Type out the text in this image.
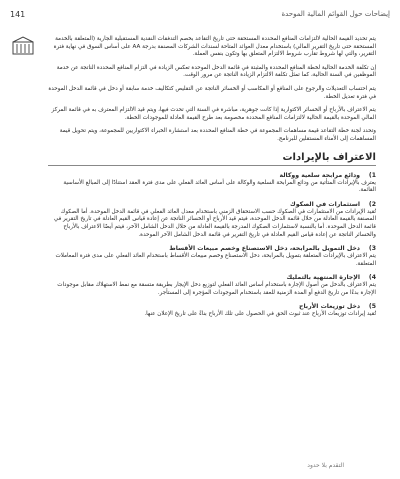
141	إيضاحات حول القوائم المالية الموحدة

يتم تحديد القيمة الحالية لالتزامات المنافع المحددة المستحقة حتى تاريخ التقاعد بخصم التدفقات النقدية المستقبلية الجارية (المتعلقة بالخدمة المستحقة حتى تاريخ التقرير المالي) باستخدام معدل العوائد المتاحة لسندات الشركات المصنفة بدرجة AA على أساس السوق في نهاية فترة التقرير، والتي لها شروط تقارب شروط الالتزام المتعلق بها وتكون بنفس العملة.

إن تكلفة الخدمة الحالية لخطة المنافع المحددة والمثبتة في قائمة الدخل الموحدة تعكس الزيادة في التزام المنافع المحددة الناتجة عن خدمة الموظفين في السنة الحالية، كما تمثل تكلفة الالتزام الزيادة الناتجة عن مرور الوقت.

يتم احتساب التعديلات والرجوع على المنافع أو المكاسب أو الخسائر الناتجة عن التقليص كتكاليف خدمة سابقة أو دخل في قائمة الدخل الموحدة في فترة تعديل الخطة.

يتم الاعتراف بالأرباح أو الخسائر الاكتوارية إذا كانت جوهرية، مباشرة في السنة التي تحدث فيها، ويتم قيد الالتزام المعترف به في قائمة المركز المالي الموحدة بالقيمة الحالية لالتزامات المنافع المحددة مخصومة بعد طرح القيمة العادلة للموجودات الخطة.

وتحدد لجنة خطة التقاعد قيمة مساهمات المجموعة في خطة المنافع المحددة بعد استشارة الخبراء الاكتواريين للمجموعة، ويتم تحويل قيمة المساهمات إلى الأمناء المستقلين للبرنامج.

الاعتراف بالإيرادات
1)
ودائع مرابحة سلعية ووكالة

يعترف بالإيرادات المتأتية من ودائع المرابحة السلعية والوكالة على أساس العائد الفعلي على مدى فترة العقد استنادًا إلى المبالغ الأساسية القائمة.

2)
استثمارات في الصكوك

تُقيد الإيرادات من الاستثمارات في الصكوك حسب الاستحقاق الزمني باستخدام معدل العائد الفعلي في قائمة الدخل الموحدة. أما الصكوك المصنفة بالقيمة العادلة من خلال قائمة الدخل الموحدة، فيتم قيد الأرباح أو الخسائر الناتجة عن إعادة قياس القيم العادلة في تاريخ التقرير في قائمة الدخل الموحدة. أما بالنسبة لاستثمارات الصكوك المدرجة بالقيمة العادلة من خلال الدخل الشامل الآخر، فيتم أيضًا الاعتراف بالأرباح والخسائر الناتجة عن إعادة قياس القيم العادلة في تاريخ التقرير في قائمة الدخل الشامل الآخر الموحدة.

3)
دخل التمويل بالمرابحة، دخل الاستصناع وخصم مبيعات الأقساط

يتم الاعتراف بالإيرادات المتعلقة بتمويل بالمرابحة، دخل الاستصناع وخصم مبيعات الأقساط باستخدام العائد الفعلي على مدى فترة المعاملات المتعلقة.

4)
الإجارة المنتهية بالتمليك

يتم الاعتراف بالدخل من أصول الإجارة باستخدام أساس العائد الفعلي لتوزيع دخل الإيجار بطريقة متسقة مع نمط الاستهلاك مقابل موجودات الإجارة بدءًا من تاريخ الدفع أو المدة الزمنية للعقد باستخدام الموجودات المؤجرة إلى المستأجر.

5)
دخل توزيعات الأرباح

تُقيد إيرادات توزيعات الأرباح عند ثبوت الحق في الحصول على تلك الأرباح بناءً على تاريخ الإعلان عنها.

التقدم بلا حدود
